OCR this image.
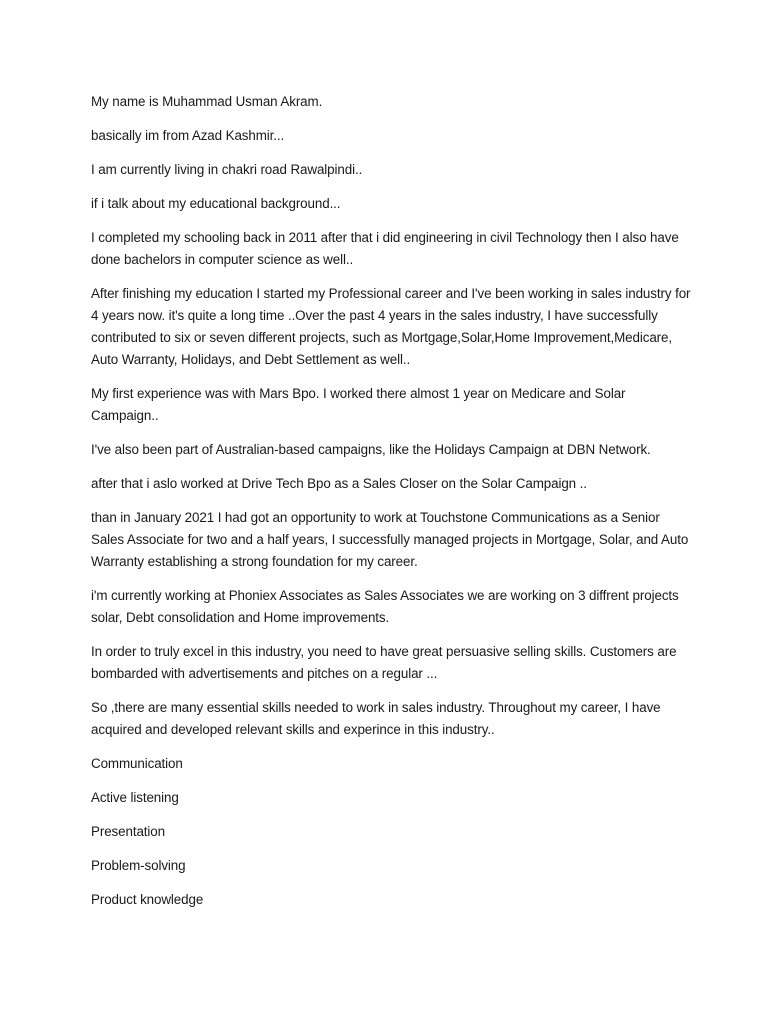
My name is Muhammad Usman Akram.

basically im from Azad Kashmir...

I am currently living in chakri road Rawalpindi..

if i talk about my educational background...

I completed my schooling back in 2011 after that i did engineering in civil Technology then I also have done bachelors in computer science as well..

After finishing my education I started my Professional career and I've been working in sales industry for 4 years now. it's quite a long time ..Over the past 4 years in the sales industry, I have successfully contributed to six or seven different projects, such as Mortgage,Solar,Home Improvement,Medicare, Auto Warranty, Holidays, and Debt Settlement as well..

My first experience was with Mars Bpo. I worked there almost 1 year on Medicare and Solar Campaign..

I've also been part of Australian-based campaigns, like the Holidays Campaign at DBN Network.

after that i aslo worked at Drive Tech Bpo as a Sales Closer on the Solar Campaign ..

than in January 2021 I had got an opportunity to work at Touchstone Communications as a Senior Sales Associate for two and a half years, I successfully managed projects in Mortgage, Solar, and Auto Warranty establishing a strong foundation for my career.

i'm currently working at Phoniex Associates as Sales Associates we are working on 3 diffrent projects solar, Debt consolidation and Home improvements.

In order to truly excel in this industry, you need to have great persuasive selling skills. Customers are bombarded with advertisements and pitches on a regular ...

So ,there are many essential skills needed to work in sales industry. Throughout my career, I have acquired and developed relevant skills and experince in this industry..

Communication

Active listening

Presentation

Problem-solving

Product knowledge
